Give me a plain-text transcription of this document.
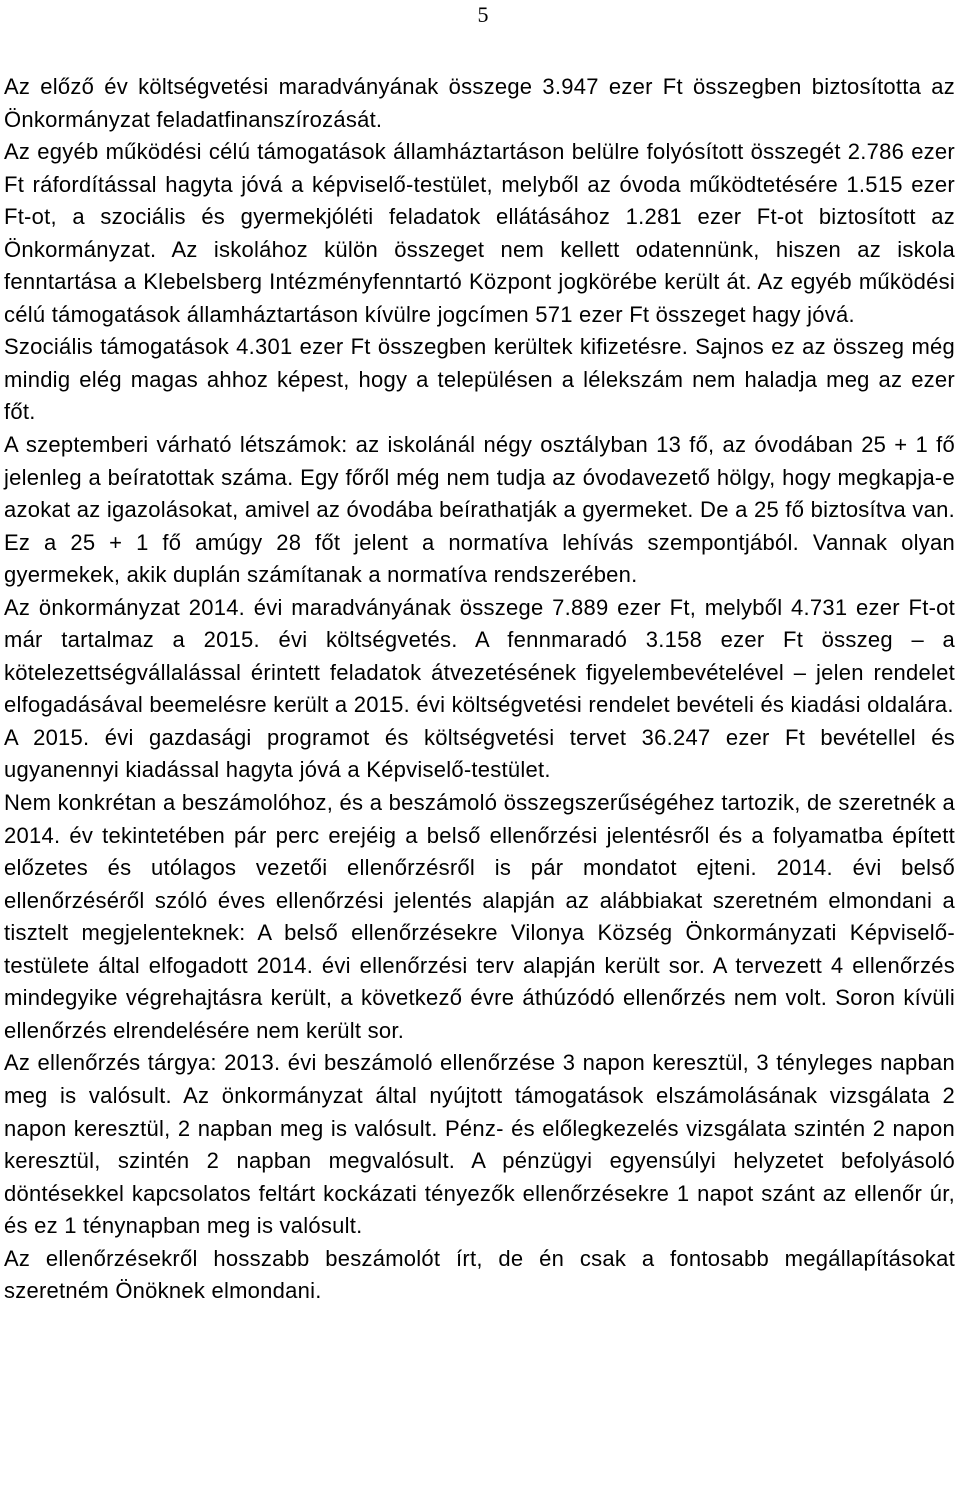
5

Az előző év költségvetési maradványának összege 3.947 ezer Ft összegben biztosította az Önkormányzat feladatfinanszírozását.

Az egyéb működési célú támogatások államháztartáson belülre folyósított összegét 2.786 ezer Ft ráfordítással hagyta jóvá a képviselő-testület, melyből az óvoda működtetésére 1.515 ezer Ft-ot, a szociális és gyermekjóléti feladatok ellátásához 1.281 ezer Ft-ot biztosított az Önkormányzat. Az iskolához külön összeget nem kellett odatennünk, hiszen az iskola fenntartása a Klebelsberg Intézményfenntartó Központ jogkörébe került át. Az egyéb működési célú támogatások államháztartáson kívülre jogcímen 571 ezer Ft összeget hagy jóvá.

Szociális támogatások 4.301 ezer Ft összegben kerültek kifizetésre. Sajnos ez az összeg még mindig elég magas ahhoz képest, hogy a településen a lélekszám nem haladja meg az ezer főt.

A szeptemberi várható létszámok: az iskolánál négy osztályban 13 fő, az óvodában 25 + 1 fő jelenleg a beíratottak száma. Egy főről még nem tudja az óvodavezető hölgy, hogy megkapja-e azokat az igazolásokat, amivel az óvodába beírathatják a gyermeket. De a 25 fő biztosítva van. Ez a 25 + 1 fő amúgy 28 főt jelent a normatíva lehívás szempontjából. Vannak olyan gyermekek, akik duplán számítanak a normatíva rendszerében.

Az önkormányzat 2014. évi maradványának összege 7.889 ezer Ft, melyből 4.731 ezer Ft-ot már tartalmaz a 2015. évi költségvetés. A fennmaradó 3.158 ezer Ft összeg – a kötelezettségvállalással érintett feladatok átvezetésének figyelembevételével – jelen rendelet elfogadásával beemelésre került a 2015. évi költségvetési rendelet bevételi és kiadási oldalára.

A 2015. évi gazdasági programot és költségvetési tervet 36.247 ezer Ft bevétellel és ugyanennyi kiadással hagyta jóvá a Képviselő-testület.

Nem konkrétan a beszámolóhoz, és a beszámoló összegszerűségéhez tartozik, de szeretnék a 2014. év tekintetében pár perc erejéig a belső ellenőrzési jelentésről és a folyamatba épített előzetes és utólagos vezetői ellenőrzésről is pár mondatot ejteni. 2014. évi belső ellenőrzéséről szóló éves ellenőrzési jelentés alapján az alábbiakat szeretném elmondani a tisztelt megjelenteknek: A belső ellenőrzésekre Vilonya Község Önkormányzati Képviselő-testülete által elfogadott 2014. évi ellenőrzési terv alapján került sor. A tervezett 4 ellenőrzés mindegyike végrehajtásra került, a következő évre áthúzódó ellenőrzés nem volt. Soron kívüli ellenőrzés elrendelésére nem került sor.

Az ellenőrzés tárgya: 2013. évi beszámoló ellenőrzése 3 napon keresztül, 3 tényleges napban meg is valósult. Az önkormányzat által nyújtott támogatások elszámolásának vizsgálata 2 napon keresztül, 2 napban meg is valósult. Pénz- és előlegkezelés vizsgálata szintén 2 napon keresztül, szintén 2 napban megvalósult. A pénzügyi egyensúlyi helyzetet befolyásoló döntésekkel kapcsolatos feltárt kockázati tényezők ellenőrzésekre 1 napot szánt az ellenőr úr, és ez 1 ténynapban meg is valósult.

Az ellenőrzésekről hosszabb beszámolót írt, de én csak a fontosabb megállapításokat szeretném Önöknek elmondani.
